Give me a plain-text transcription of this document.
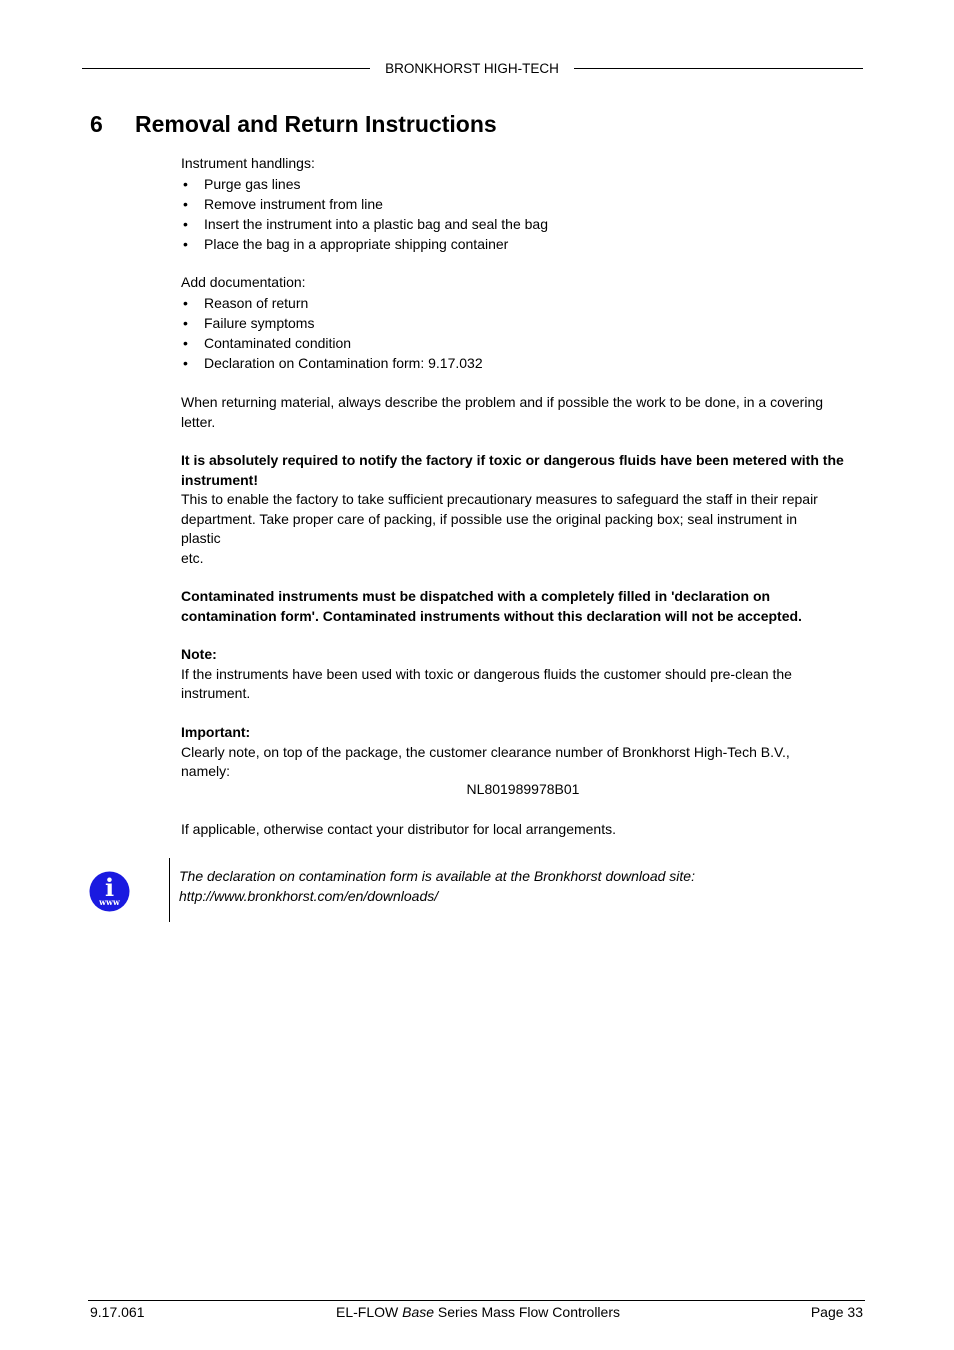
BRONKHORST HIGH-TECH
6 Removal and Return Instructions
Instrument handlings:
• Purge gas lines
• Remove instrument from line
• Insert the instrument into a plastic bag and seal the bag
• Place the bag in a appropriate shipping container
Add documentation:
• Reason of return
• Failure symptoms
• Contaminated condition
• Declaration on Contamination form: 9.17.032

When returning material, always describe the problem and if possible the work to be done, in a covering

letter.

It is absolutely required to notify the factory if toxic or dangerous fluids have been metered with the

instrument!

This to enable the factory to take sufficient precautionary measures to safeguard the staff in their repair

department. Take proper care of packing, if possible use the original packing box; seal instrument in

plastic

etc.

Contaminated instruments must be dispatched with a completely filled in 'declaration on

contamination form'. Contaminated instruments without this declaration will not be accepted.

Note:

If the instruments have been used with toxic or dangerous fluids the customer should pre-clean the

instrument.

Important:

Clearly note, on top of the package, the customer clearance number of Bronkhorst High-Tech B.V.,

namely:

NL801989978B01
If applicable, otherwise contact your distributor for local arrangements.
i
www
The declaration on contamination form is available at the Bronkhorst download site:
http://www.bronkhorst.com/en/downloads/
9.17.061	EL-FLOW Base Series Mass Flow Controllers	Page 33
